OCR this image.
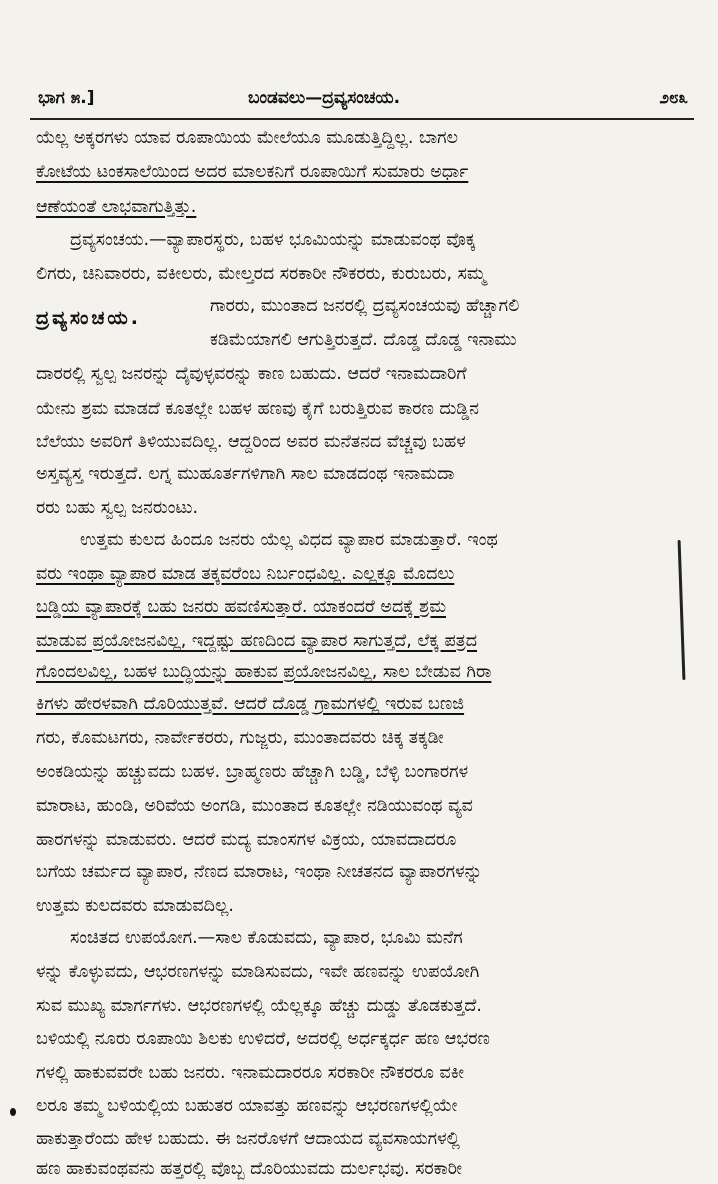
ಭಾಗ ೫.]	ಬಂಡವಲು—ದ್ರವ್ಯಸಂಚಯ.	೨೮೩
ದ್ರವ್ಯಸಂಚಯ.
ಯೆಲ್ಲ ಅಕ್ಕರಗಳು ಯಾವ ರೂಪಾಯಿಯ ಮೇಲೆಯೂ ಮೂಡುತ್ತಿದ್ದಿಲ್ಲ. ಬಾಗಲ
ಕೋಟೆಯ ಟಂಕಸಾಲೆಯಿಂದ ಅದರ ಮಾಲಕನಿಗೆ ರೂಪಾಯಿಗೆ ಸುಮಾರು ಅರ್ಧಾ
ಆಣೆಯಂತೆ ಲಾಭವಾಗುತ್ತಿತ್ತು.
ದ್ರವ್ಯಸಂಚಯ.—ವ್ಯಾಪಾರಸ್ಥರು, ಬಹಳ ಭೂಮಿಯನ್ನು ಮಾಡುವಂಥ ವೊಕ್ಕ
ಲಿಗರು, ಚಿನಿವಾರರು, ವಕೀಲರು, ಮೇಲ್ತರದ ಸರಕಾರೀ ನೌಕರರು, ಕುರುಬರು, ಸಮ್ಮ
ಗಾರರು, ಮುಂತಾದ ಜನರಲ್ಲಿ ದ್ರವ್ಯಸಂಚಯವು ಹೆಚ್ಚಾಗಲಿ
ಕಡಿಮೆಯಾಗಲಿ ಆಗುತ್ತಿರುತ್ತದೆ. ದೊಡ್ಡ ದೊಡ್ಡ ಇನಾಮು
ದಾರರಲ್ಲಿ ಸ್ವಲ್ಪ ಜನರನ್ನು ದೈವುಳ್ಳವರನ್ನು ಕಾಣ ಬಹುದು. ಆದರೆ ಇನಾಮದಾರಿಗೆ
ಯೇನು ಶ್ರಮ ಮಾಡದೆ ಕೂತಲ್ಲೇ ಬಹಳ ಹಣವು ಕೈಗೆ ಬರುತ್ತಿರುವ ಕಾರಣ ದುಡ್ಡಿನ
ಬೆಲೆಯು ಅವರಿಗೆ ತಿಳಿಯುವದಿಲ್ಲ. ಆದ್ದರಿಂದ ಅವರ ಮನೆತನದ ವೆಚ್ಚವು ಬಹಳ
ಅಸ್ತವ್ಯಸ್ತ ಇರುತ್ತದೆ. ಲಗ್ನ ಮುಹೂರ್ತಗಳಿಗಾಗಿ ಸಾಲ ಮಾಡದಂಥ ಇನಾಮದಾ
ರರು ಬಹು ಸ್ವಲ್ಪ ಜನರುಂಟು.
ಉತ್ತಮ ಕುಲದ ಹಿಂದೂ ಜನರು ಯೆಲ್ಲ ವಿಧದ ವ್ಯಾಪಾರ ಮಾಡುತ್ತಾರೆ. ಇಂಥ
ವರು ಇಂಥಾ ವ್ಯಾಪಾರ ಮಾಡ ತಕ್ಕವರೆಂಬ ನಿರ್ಬಂಧವಿಲ್ಲ. ಎಲ್ಲಕ್ಕೂ ಮೊದಲು
ಬಡ್ಡಿಯ ವ್ಯಾಪಾರಕ್ಕೆ ಬಹು ಜನರು ಹವಣಿಸುತ್ತಾರೆ. ಯಾಕಂದರೆ ಅದಕ್ಕೆ ಶ್ರಮ
ಮಾಡುವ ಪ್ರಯೋಜನವಿಲ್ಲ, ಇದ್ದಷ್ಟು ಹಣದಿಂದ ವ್ಯಾಪಾರ ಸಾಗುತ್ತದೆ, ಲೆಕ್ಕ ಪತ್ರದ
ಗೊಂದಲವಿಲ್ಲ, ಬಹಳ ಬುದ್ಧಿಯನ್ನು ಹಾಕುವ ಪ್ರಯೋಜನವಿಲ್ಲ, ಸಾಲ ಬೇಡುವ ಗಿರಾ
ಕಿಗಳು ಹೇರಳವಾಗಿ ದೊರಿಯುತ್ತವೆ. ಆದರೆ ದೊಡ್ಡ ಗ್ರಾಮಗಳಲ್ಲಿ ಇರುವ ಬಣಜಿ
ಗರು, ಕೊಮಟಗರು, ನಾರ್ವೇಕರರು, ಗುಜ್ಜರು, ಮುಂತಾದವರು ಚಿಕ್ಕ ತಕ್ಕಡೀ
ಅಂಕಡಿಯನ್ನು ಹಚ್ಚುವದು ಬಹಳ. ಬ್ರಾಹ್ಮಣರು ಹೆಚ್ಚಾಗಿ ಬಡ್ಡಿ, ಬೆಳ್ಳಿ ಬಂಗಾರಗಳ
ಮಾರಾಟ, ಹುಂಡಿ, ಅರಿವೆಯ ಅಂಗಡಿ, ಮುಂತಾದ ಕೂತಲ್ಲೇ ನಡಿಯುವಂಥ ವ್ಯವ
ಹಾರಗಳನ್ನು ಮಾಡುವರು. ಆದರೆ ಮದ್ಯ ಮಾಂಸಗಳ ವಿಕ್ರಯ, ಯಾವದಾದರೂ
ಬಗೆಯ ಚರ್ಮದ ವ್ಯಾಪಾರ, ನೆಣದ ಮಾರಾಟ, ಇಂಥಾ ನೀಚತನದ ವ್ಯಾಪಾರಗಳನ್ನು
ಉತ್ತಮ ಕುಲದವರು ಮಾಡುವದಿಲ್ಲ.
ಸಂಚಿತದ ಉಪಯೋಗ.—ಸಾಲ ಕೊಡುವದು, ವ್ಯಾಪಾರ, ಭೂಮಿ ಮನೆಗ
ಳನ್ನು ಕೊಳ್ಳುವದು, ಆಭರಣಗಳನ್ನು ಮಾಡಿಸುವದು, ಇವೇ ಹಣವನ್ನು ಉಪಯೋಗಿ
ಸುವ ಮುಖ್ಯ ಮಾರ್ಗಗಳು. ಆಭರಣಗಳಲ್ಲಿ ಯೆಲ್ಲಕ್ಕೂ ಹೆಚ್ಚು ದುಡ್ಡು ತೊಡಕುತ್ತದೆ.
ಬಳಿಯಲ್ಲಿ ನೂರು ರೂಪಾಯಿ ಶಿಲಕು ಉಳಿದರೆ, ಅದರಲ್ಲಿ ಅರ್ಧಕ್ಕರ್ಧ ಹಣ ಆಭರಣ
ಗಳಲ್ಲಿ ಹಾಕುವವರೇ ಬಹು ಜನರು. ಇನಾಮದಾರರೂ ಸರಕಾರೀ ನೌಕರರೂ ವಕೀ
ಲರೂ ತಮ್ಮ ಬಳಿಯಲ್ಲಿಯ ಬಹುತರ ಯಾವತ್ತು ಹಣವನ್ನು ಆಭರಣಗಳಲ್ಲಿಯೇ
ಹಾಕುತ್ತಾರೆಂದು ಹೇಳ ಬಹುದು. ಈ ಜನರೊಳಗೆ ಆದಾಯದ ವ್ಯವಸಾಯಗಳಲ್ಲಿ
ಹಣ ಹಾಕುವಂಥವನು ಹತ್ತರಲ್ಲಿ ವೊಬ್ಬ ದೊರಿಯುವದು ದುರ್ಲಭವು. ಸರಕಾರೀ
